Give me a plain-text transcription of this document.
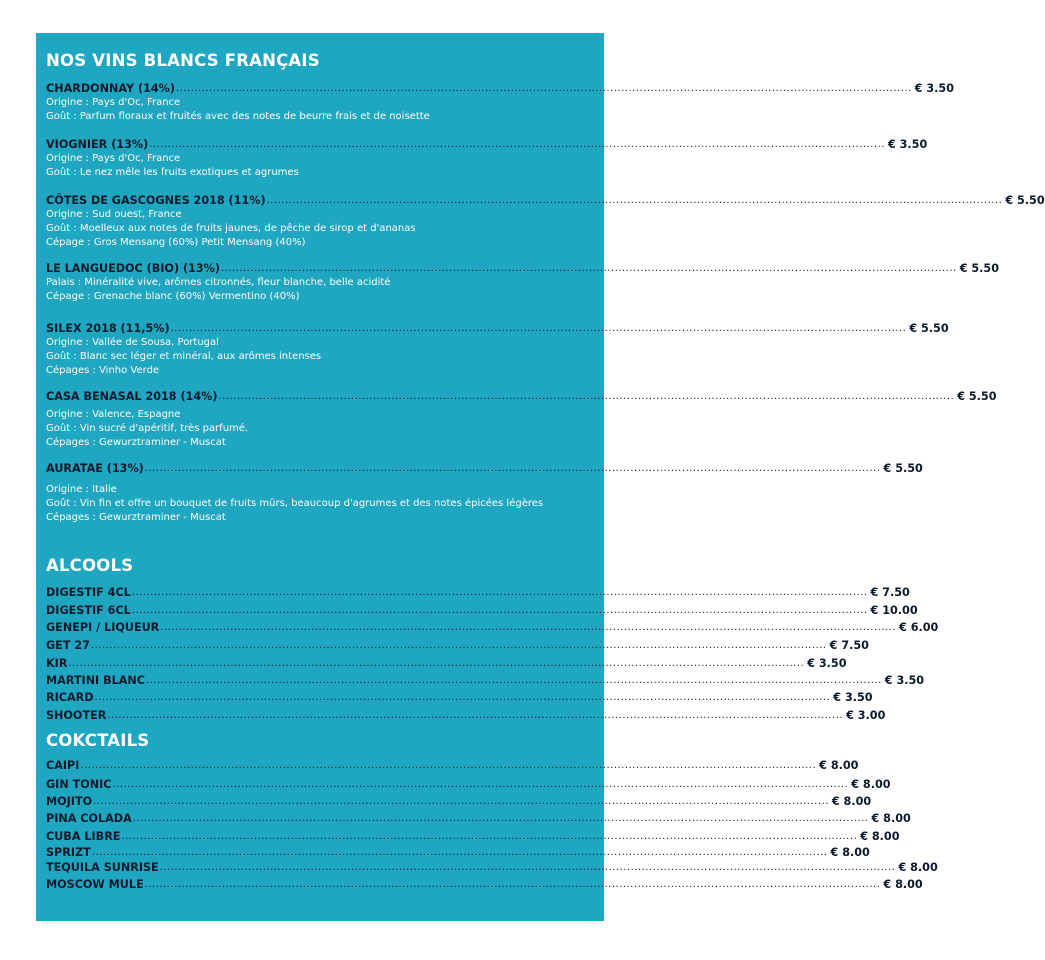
NOS VINS BLANCS FRANÇAIS
CHARDONNAY (14%) ........................................................................................................................................................................................................ € 3.50
Origine : Pays d'Oc, France
Goût : Parfum floraux et fruités avec des notes de beurre frais et de noisette
VIOGNIER (13%) ........................................................................................................................................................................................................ € 3.50
Origine : Pays d'Oc, France
Goût : Le nez mêle les fruits exotiques et agrumes
CÔTES DE GASCOGNES 2018 (11%) ........................................................................................................................................................................................................ € 5.50
Origine : Sud ouest, France
Goût : Moelleux aux notes de fruits jaunes, de pêche de sirop et d'ananas
Cépage : Gros Mensang (60%) Petit Mensang (40%)
LE LANGUEDOC (BIO) (13%) ........................................................................................................................................................................................................ € 5.50
Palais : Minéralité vive, arômes citronnés, fleur blanche, belle acidité
Cépage : Grenache blanc (60%) Vermentino (40%)
SILEX 2018 (11,5%) ........................................................................................................................................................................................................ € 5.50
Origine : Vallée de Sousa, Portugal
Goût : Blanc sec léger et minéral, aux arômes intenses
Cépages : Vinho Verde
CASA BENASAL 2018 (14%) ........................................................................................................................................................................................................ € 5.50
Origine : Valence, Espagne
Goût : Vin sucré d'apéritif, très parfumé.
Cépages : Gewurztraminer - Muscat
AURATAE (13%) ........................................................................................................................................................................................................ € 5.50
Origine : Italie
Goût : Vin fin et offre un bouquet de fruits mûrs, beaucoup d'agrumes et des notes épicées légères
Cépages : Gewurztraminer - Muscat
ALCOOLS
DIGESTIF 4CL ........................................................................................................................................................................................................ € 7.50
DIGESTIF 6CL ........................................................................................................................................................................................................ € 10.00
GENEPI / LIQUEUR ........................................................................................................................................................................................................ € 6.00
GET 27 ........................................................................................................................................................................................................ € 7.50
KIR ........................................................................................................................................................................................................ € 3.50
MARTINI BLANC ........................................................................................................................................................................................................ € 3.50
RICARD ........................................................................................................................................................................................................ € 3.50
SHOOTER ........................................................................................................................................................................................................ € 3.00
COKCTAILS
CAIPI ........................................................................................................................................................................................................ € 8.00
GIN TONIC ........................................................................................................................................................................................................ € 8.00
MOJITO ........................................................................................................................................................................................................ € 8.00
PINA COLADA ........................................................................................................................................................................................................ € 8.00
CUBA LIBRE ........................................................................................................................................................................................................ € 8.00
SPRIZT ........................................................................................................................................................................................................ € 8.00
TEQUILA SUNRISE ........................................................................................................................................................................................................ € 8.00
MOSCOW MULE ........................................................................................................................................................................................................ € 8.00
